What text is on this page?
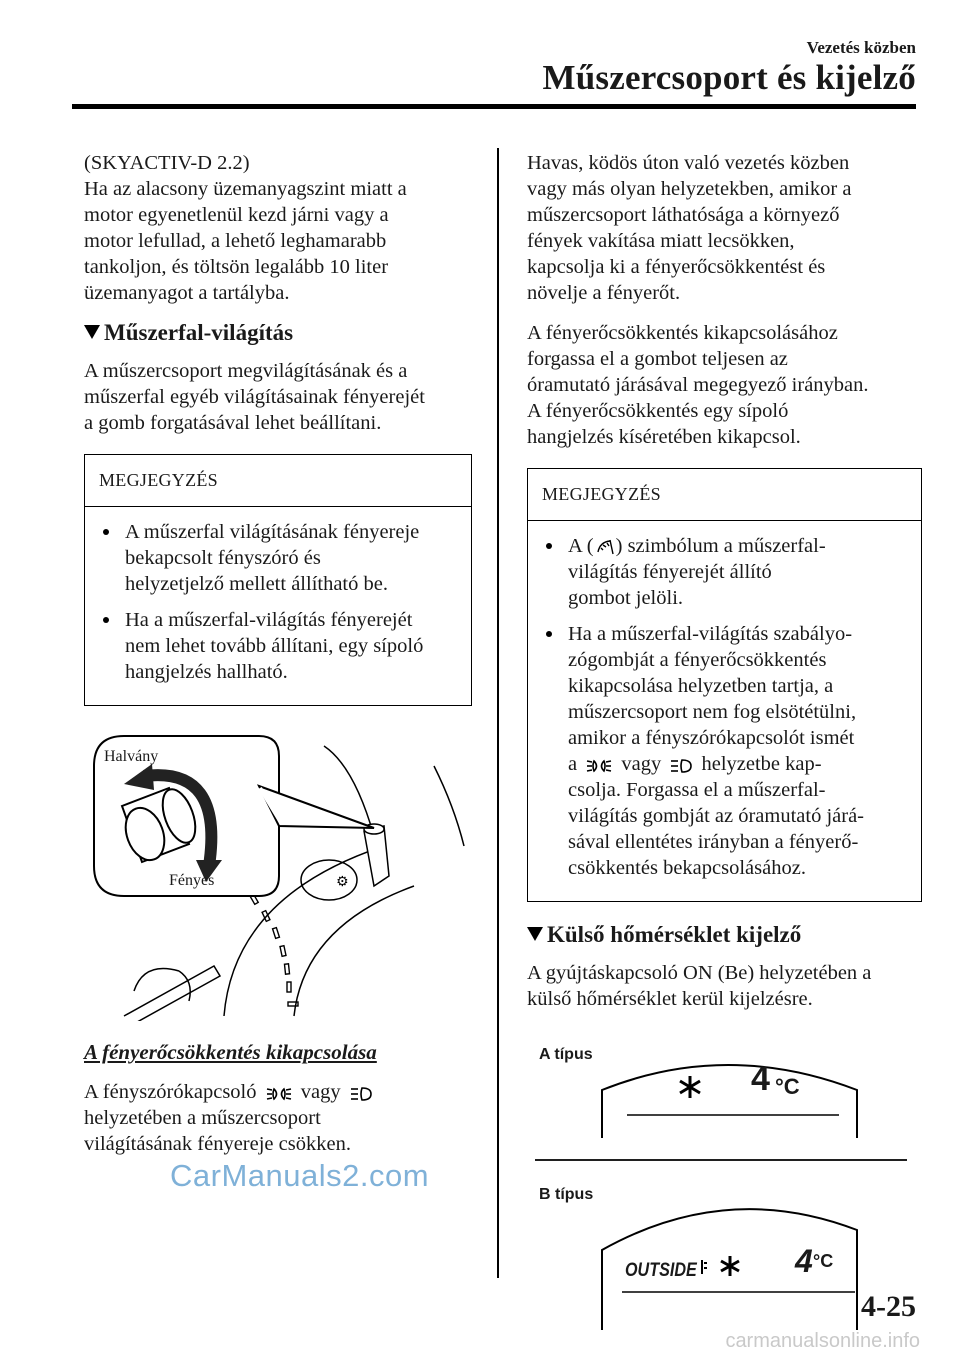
Vezetés közben
Műszercsoport és kijelző
(SKYACTIV-D 2.2)
Ha az alacsony üzemanyagszint miatt a
motor egyenetlenül kezd járni vagy a
motor lefullad, a lehető leghamarabb
tankoljon, és töltsön legalább 10 liter
üzemanyagot a tartályba.
Műszerfal-világítás
A műszercsoport megvilágításának és a
műszerfal egyéb világításainak fényerejét
a gomb forgatásával lehet beállítani.
MEGJEGYZÉS
A műszerfal világításának fényereje
bekapcsolt fényszóró és
helyzetjelző mellett állítható be.
Ha a műszerfal-világítás fényerejét
nem lehet tovább állítani, egy sípoló
hangjelzés hallható.
⚙
Halvány
Fényes
A fényerőcsökkentés kikapcsolása
A fényszórókapcsoló vagy
helyzetében a műszercsoport
világításának fényereje csökken.
Havas, ködös úton való vezetés közben
vagy más olyan helyzetekben, amikor a
műszercsoport láthatósága a környező
fények vakítása miatt lecsökken,
kapcsolja ki a fényerőcsökkentést és
növelje a fényerőt.
A fényerőcsökkentés kikapcsolásához
forgassa el a gombot teljesen az
óramutató járásával megegyező irányban.
A fényerőcsökkentés egy sípoló
hangjelzés kíséretében kikapcsol.
MEGJEGYZÉS
A ( ) szimbólum a műszerfal-
világítás fényerejét állító
gombot jelöli.
Ha a műszerfal-világítás szabályo-
zógombját a fényerőcsökkentés
kikapcsolása helyzetben tartja, a
műszercsoport nem fog elsötétülni,
amikor a fényszórókapcsolót ismét
a vagy helyzetbe kap-
csolja. Forgassa el a műszerfal-
világítás gombját az óramutató járá-
sával ellentétes irányban a fényerő-
csökkentés bekapcsolásához.
Külső hőmérséklet kijelző
A gyújtáskapcsoló ON (Be) helyzetében a
külső hőmérséklet kerül kijelzésre.
A típus
B típus
4 °C
OUTSIDE	4 °C
CarManuals2.com
4-25
carmanualsonline.info
